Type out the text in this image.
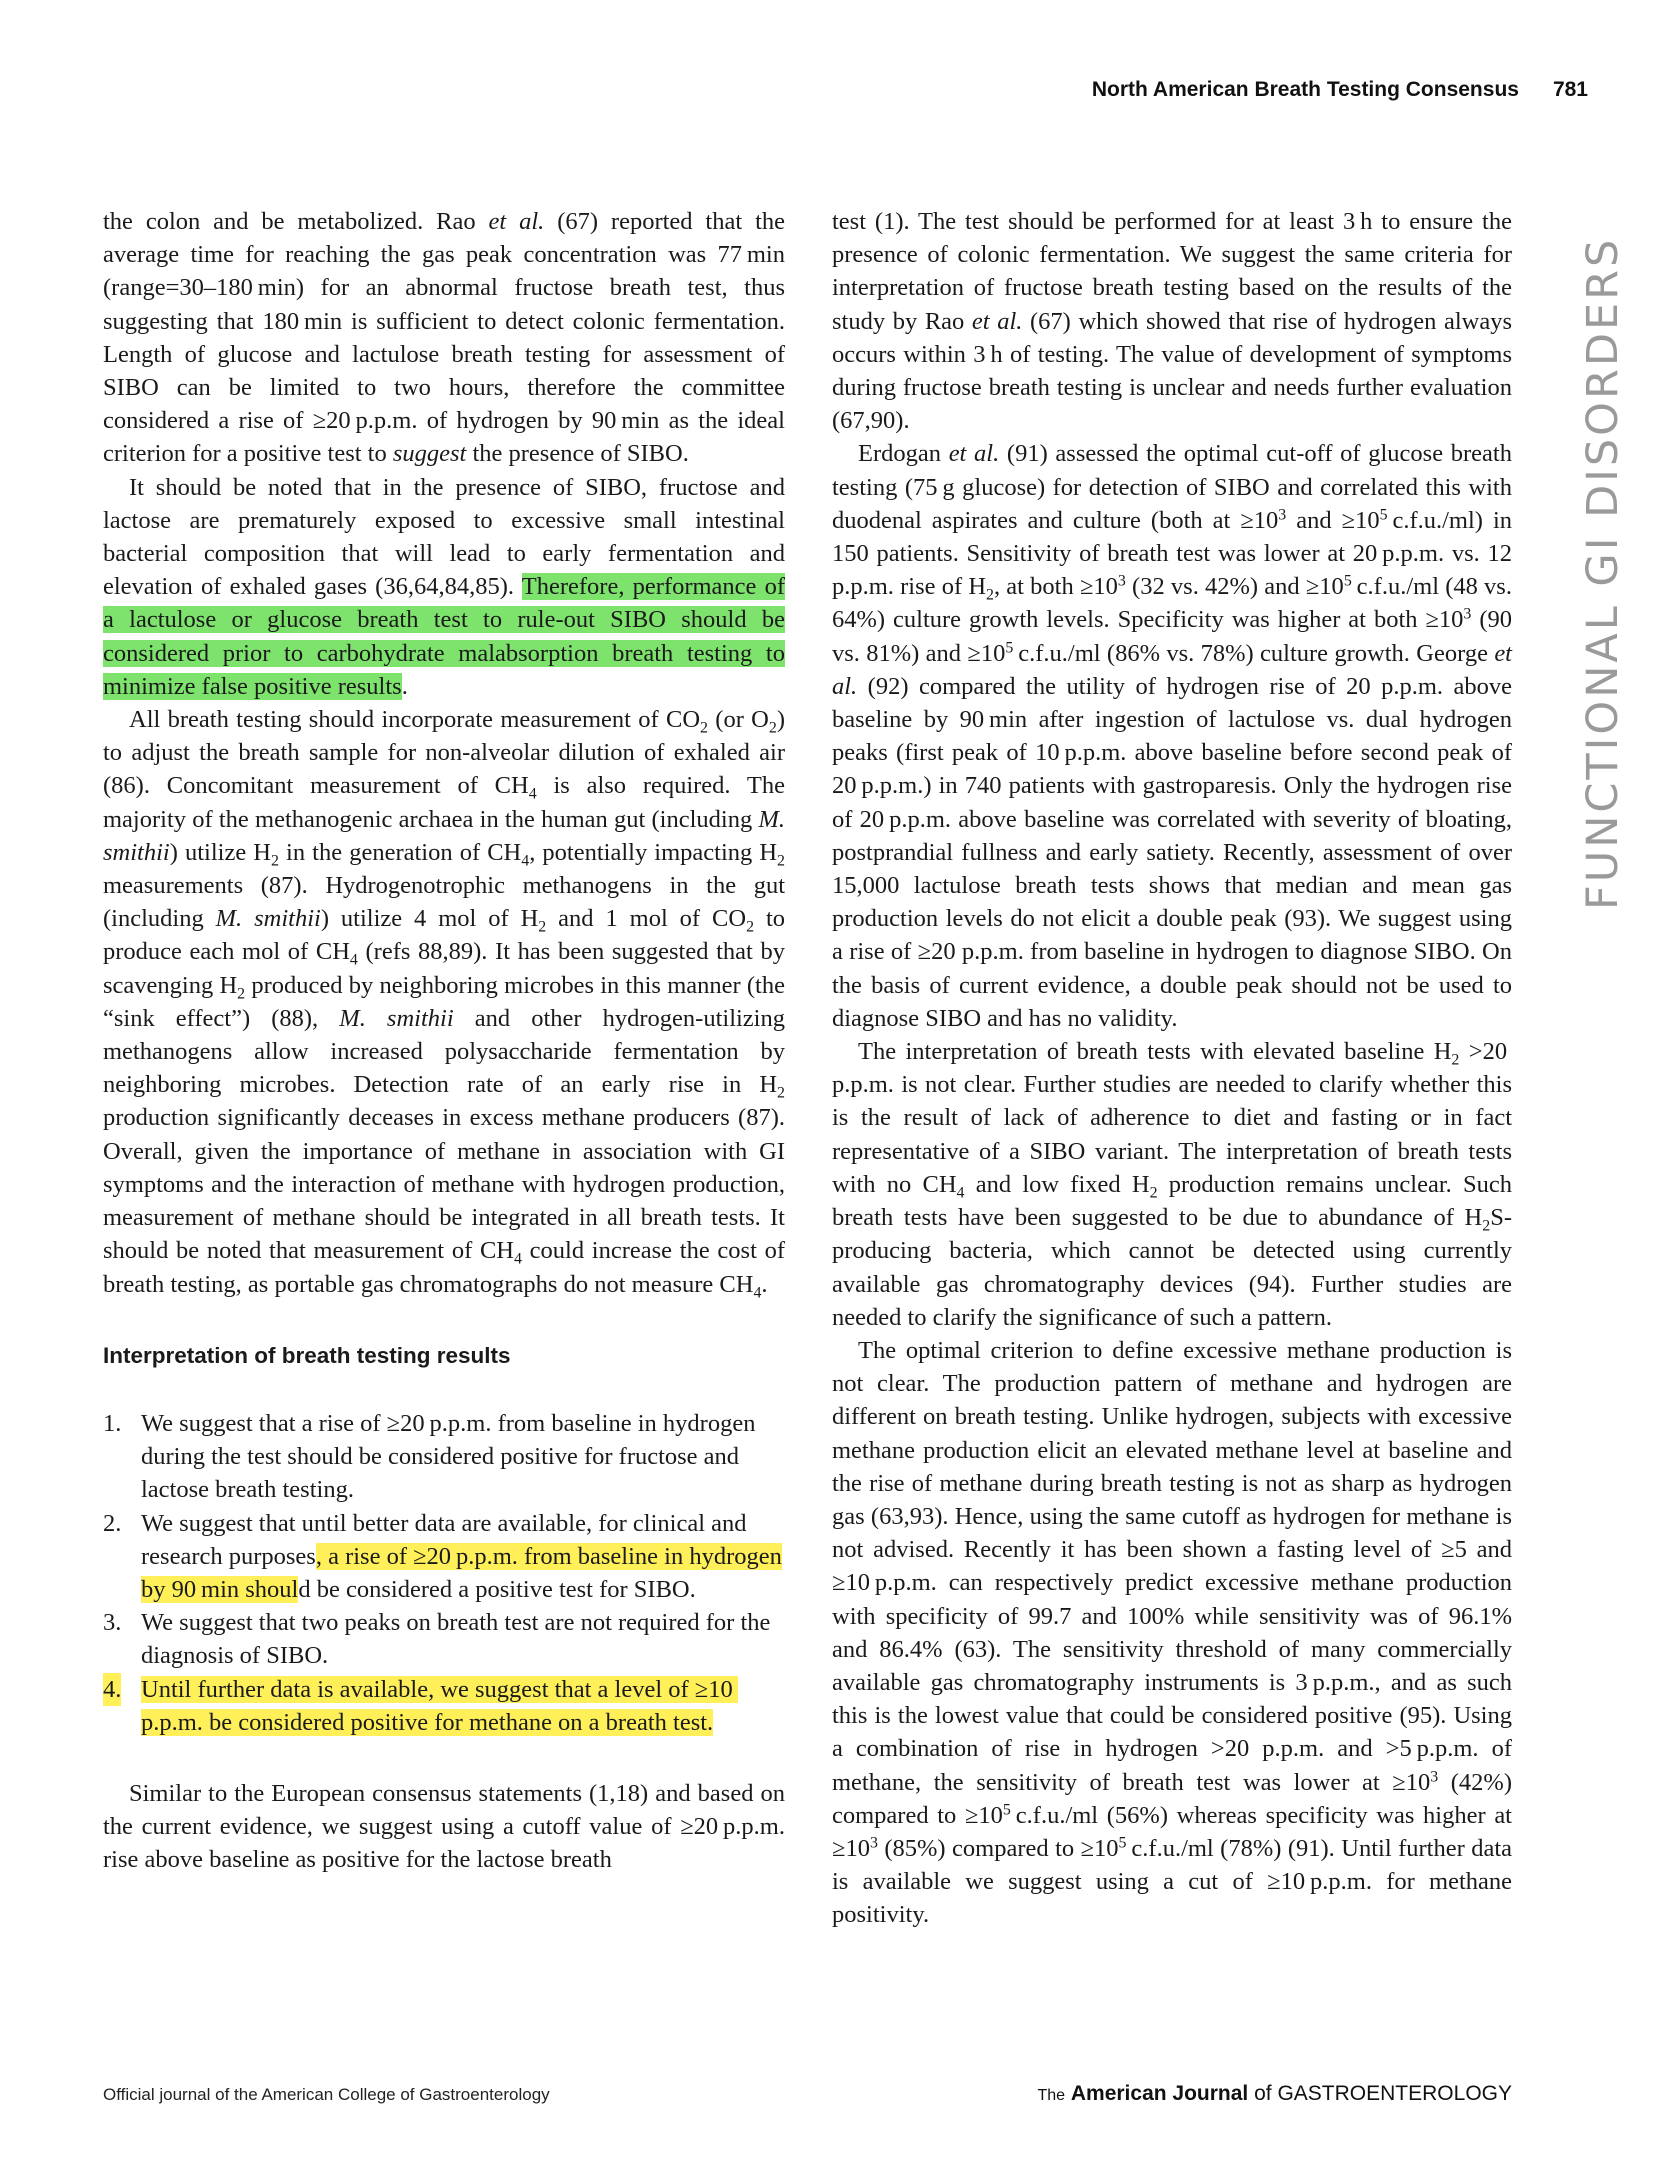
North American Breath Testing Consensus 781
FUNCTIONAL GI DISORDERS

the colon and be metabolized. Rao et al. (67) reported that the average time for reaching the gas peak concentration was 77 min (range=30–180 min) for an abnormal fructose breath test, thus suggesting that 180 min is sufficient to detect colonic fermentation. Length of glucose and lactulose breath testing for assessment of SIBO can be limited to two hours, therefore the committee considered a rise of ≥20 p.p.m. of hydrogen by 90 min as the ideal criterion for a positive test to suggest the presence of SIBO.

It should be noted that in the presence of SIBO, fructose and lactose are prematurely exposed to excessive small intestinal bacterial composition that will lead to early fermentation and elevation of exhaled gases (36,64,84,85). Therefore, performance of a lactulose or glucose breath test to rule-out SIBO should be considered prior to carbohydrate malabsorption breath testing to minimize false positive results.

All breath testing should incorporate measurement of $CO_2$ (or $O_2$) to adjust the breath sample for non-alveolar dilution of exhaled air (86). Concomitant measurement of $CH_4$ is also required. The majority of the methanogenic archaea in the human gut (including M. smithii) utilize $H_2$ in the generation of $CH_4$, potentially impacting $H_2$ measurements (87). Hydrogenotrophic methanogens in the gut (including M. smithii) utilize 4 mol of $H_2$ and 1 mol of $CO_2$ to produce each mol of $CH_4$ (refs 88,89). It has been suggested that by scavenging $H_2$ produced by neighboring microbes in this manner (the “sink effect”) (88), M. smithii and other hydrogen-utilizing methanogens allow increased polysaccharide fermentation by neighboring microbes. Detection rate of an early rise in $H_2$ production significantly deceases in excess methane producers (87). Overall, given the importance of methane in association with GI symptoms and the interaction of methane with hydrogen production, measurement of methane should be integrated in all breath tests. It should be noted that measurement of $CH_4$ could increase the cost of breath testing, as portable gas chromatographs do not measure $CH_4$.

Interpretation of breath testing results

1. We suggest that a rise of ≥20 p.p.m. from baseline in hydrogen during the test should be considered positive for fructose and lactose breath testing.
2. We suggest that until better data are available, for clinical and research purposes, a rise of ≥20 p.p.m. from baseline in hydrogen by 90 min should be considered a positive test for SIBO.
3. We suggest that two peaks on breath test are not required for the diagnosis of SIBO.
4. Until further data is available, we suggest that a level of ≥10 p.p.m. be considered positive for methane on a breath test.

Similar to the European consensus statements (1,18) and based on the current evidence, we suggest using a cutoff value of ≥20 p.p.m. rise above baseline as positive for the lactose breath

test (1). The test should be performed for at least 3 h to ensure the presence of colonic fermentation. We suggest the same criteria for interpretation of fructose breath testing based on the results of the study by Rao et al. (67) which showed that rise of hydrogen always occurs within 3 h of testing. The value of development of symptoms during fructose breath testing is unclear and needs further evaluation (67,90).

Erdogan et al. (91) assessed the optimal cut-off of glucose breath testing (75 g glucose) for detection of SIBO and correlated this with duodenal aspirates and culture (both at $\ge 10^3$ and $\ge 10^5$ c.f.u./ml) in 150 patients. Sensitivity of breath test was lower at 20 p.p.m. vs. 12 p.p.m. rise of $H_2$, at both $\ge 10^3$ (32 vs. 42%) and $\ge 10^5$ c.f.u./ml (48 vs. 64%) culture growth levels. Specificity was higher at both $\ge 10^3$ (90 vs. 81%) and $\ge 10^5$ c.f.u./ml (86% vs. 78%) culture growth. George et al. (92) compared the utility of hydrogen rise of 20 p.p.m. above baseline by 90 min after ingestion of lactulose vs. dual hydrogen peaks (first peak of 10 p.p.m. above baseline before second peak of 20 p.p.m.) in 740 patients with gastroparesis. Only the hydrogen rise of 20 p.p.m. above baseline was correlated with severity of bloating, postprandial fullness and early satiety. Recently, assessment of over 15,000 lactulose breath tests shows that median and mean gas production levels do not elicit a double peak (93). We suggest using a rise of ≥20 p.p.m. from baseline in hydrogen to diagnose SIBO. On the basis of current evidence, a double peak should not be used to diagnose SIBO and has no validity.

The interpretation of breath tests with elevated baseline $H_2 >20$ p.p.m. is not clear. Further studies are needed to clarify whether this is the result of lack of adherence to diet and fasting or in fact representative of a SIBO variant. The interpretation of breath tests with no $CH_4$ and low fixed $H_2$ production remains unclear. Such breath tests have been suggested to be due to abundance of $H_2S$-producing bacteria, which cannot be detected using currently available gas chromatography devices (94). Further studies are needed to clarify the significance of such a pattern.

The optimal criterion to define excessive methane production is not clear. The production pattern of methane and hydrogen are different on breath testing. Unlike hydrogen, subjects with excessive methane production elicit an elevated methane level at baseline and the rise of methane during breath testing is not as sharp as hydrogen gas (63,93). Hence, using the same cutoff as hydrogen for methane is not advised. Recently it has been shown a fasting level of ≥5 and ≥10 p.p.m. can respectively predict excessive methane production with specificity of 99.7 and 100% while sensitivity was of 96.1% and 86.4% (63). The sensitivity threshold of many commercially available gas chromatography instruments is 3 p.p.m., and as such this is the lowest value that could be considered positive (95). Using a combination of rise in hydrogen >20 p.p.m. and >5 p.p.m. of methane, the sensitivity of breath test was lower at $\ge 10^3$ (42%) compared to $\ge 10^5$ c.f.u./ml (56%) whereas specificity was higher at $\ge 10^3$ (85%) compared to $\ge 10^5$ c.f.u./ml (78%) (91). Until further data is available we suggest using a cut of ≥10 p.p.m. for methane positivity.

Official journal of the American College of Gastroenterology	The American Journal of GASTROENTEROLOGY
